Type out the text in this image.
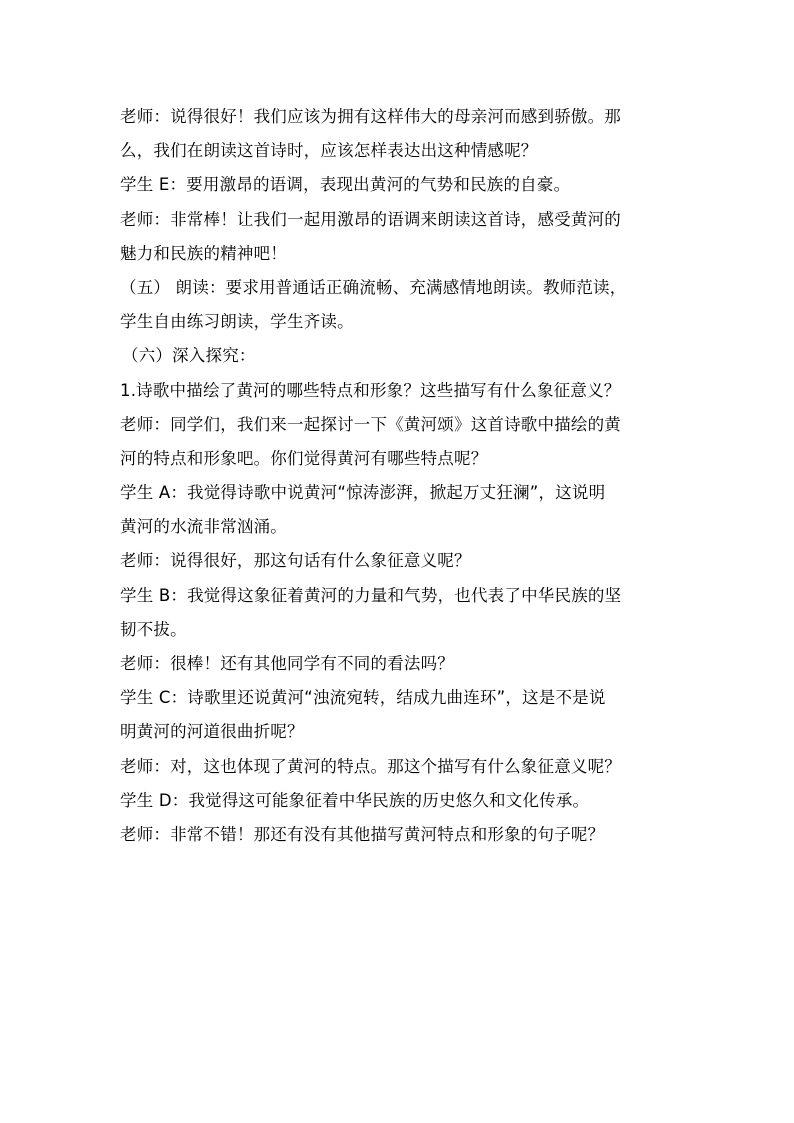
老师：说得很好！我们应该为拥有这样伟大的母亲河而感到骄傲。那
么，我们在朗读这首诗时，应该怎样表达出这种情感呢？
学生 E：要用激昂的语调，表现出黄河的气势和民族的自豪。
老师：非常棒！让我们一起用激昂的语调来朗读这首诗，感受黄河的
魅力和民族的精神吧！
（五） 朗读：要求用普通话正确流畅、充满感情地朗读。教师范读，
学生自由练习朗读，学生齐读。
（六）深入探究：
1.诗歌中描绘了黄河的哪些特点和形象？这些描写有什么象征意义？
老师：同学们，我们来一起探讨一下《黄河颂》这首诗歌中描绘的黄
河的特点和形象吧。你们觉得黄河有哪些特点呢？
学生 A：我觉得诗歌中说黄河“惊涛澎湃，掀起万丈狂澜”，这说明
黄河的水流非常汹涌。
老师：说得很好，那这句话有什么象征意义呢？
学生 B：我觉得这象征着黄河的力量和气势，也代表了中华民族的坚
韧不拔。
老师：很棒！还有其他同学有不同的看法吗？
学生 C：诗歌里还说黄河“浊流宛转，结成九曲连环”，这是不是说
明黄河的河道很曲折呢？
老师：对，这也体现了黄河的特点。那这个描写有什么象征意义呢？
学生 D：我觉得这可能象征着中华民族的历史悠久和文化传承。
老师：非常不错！那还有没有其他描写黄河特点和形象的句子呢？
